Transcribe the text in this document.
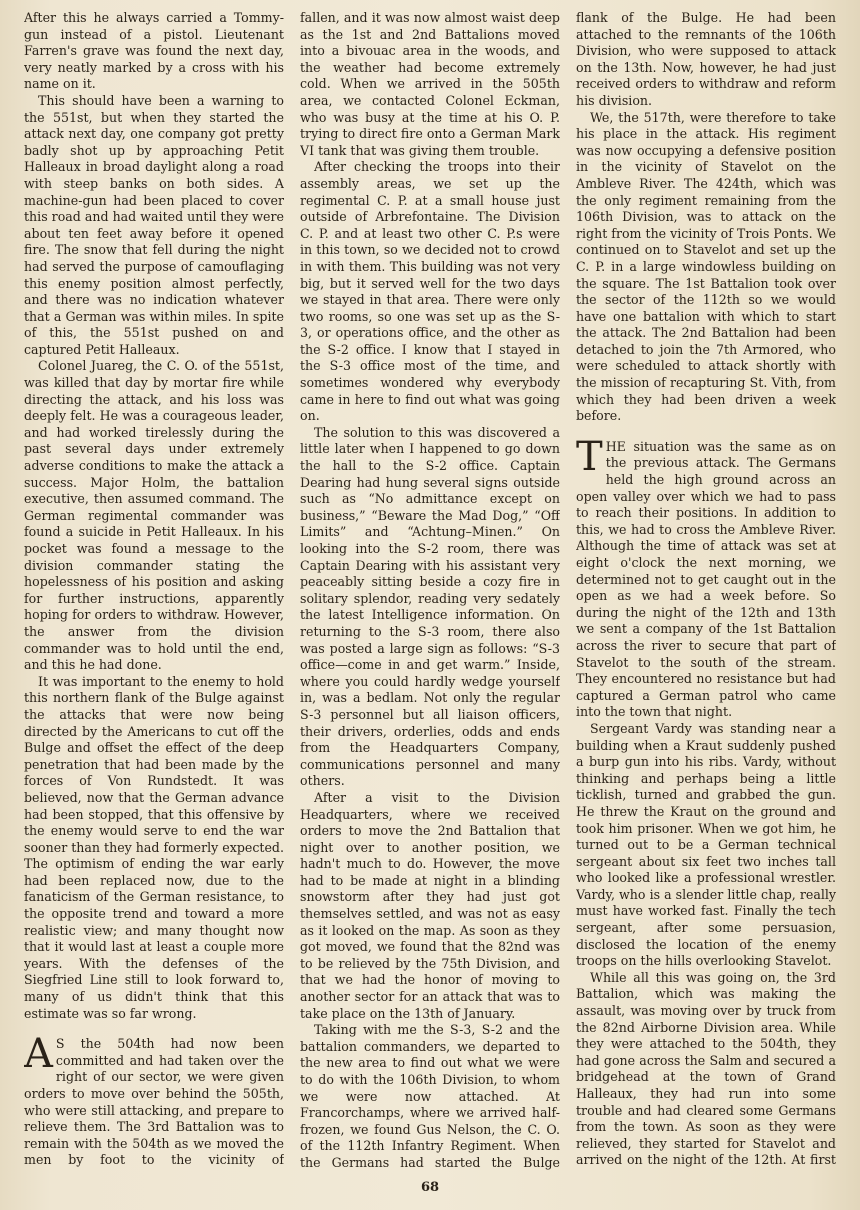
After this he always carried a Tommy-gun instead of a pistol. Lieutenant Farren's grave was found the next day, very neatly marked by a cross with his name on it.

This should have been a warning to the 551st, but when they started the attack next day, one company got pretty badly shot up by approaching Petit Halleaux in broad daylight along a road with steep banks on both sides. A machine-gun had been placed to cover this road and had waited until they were about ten feet away before it opened fire. The snow that fell during the night had served the purpose of camouflaging this enemy position almost perfectly, and there was no indication whatever that a German was within miles. In spite of this, the 551st pushed on and captured Petit Halleaux.

Colonel Juareg, the C. O. of the 551st, was killed that day by mortar fire while directing the attack, and his loss was deeply felt. He was a courageous leader, and had worked tirelessly during the past several days under extremely adverse conditions to make the attack a success. Major Holm, the battalion executive, then assumed command. The German regimental commander was found a suicide in Petit Halleaux. In his pocket was found a message to the division commander stating the hopelessness of his position and asking for further instructions, apparently hoping for orders to withdraw. However, the answer from the division commander was to hold until the end, and this he had done.

It was important to the enemy to hold this northern flank of the Bulge against the attacks that were now being directed by the Americans to cut off the Bulge and offset the effect of the deep penetration that had been made by the forces of Von Rundstedt. It was believed, now that the German advance had been stopped, that this offensive by the enemy would serve to end the war sooner than they had formerly expected. The optimism of ending the war early had been replaced now, due to the fanaticism of the German resistance, to the opposite trend and toward a more realistic view; and many thought now that it would last at least a couple more years. With the defenses of the Siegfried Line still to look forward to, many of us didn't think that this estimate was so far wrong.

A S the 504th had now been committed and had taken over the right of our sector, we were given orders to move over behind the 505th, who were still attacking, and prepare to relieve them. The 3rd Battalion was to remain with the 504th as we moved the men by foot to the vicinity of

fallen, and it was now almost waist deep as the 1st and 2nd Battalions moved into a bivouac area in the woods, and the weather had become extremely cold. When we arrived in the 505th area, we contacted Colonel Eckman, who was busy at the time at his O. P. trying to direct fire onto a German Mark VI tank that was giving them trouble.

After checking the troops into their assembly areas, we set up the regimental C. P. at a small house just outside of Arbrefontaine. The Division C. P. and at least two other C. P.s were in this town, so we decided not to crowd in with them. This building was not very big, but it served well for the two days we stayed in that area. There were only two rooms, so one was set up as the S-3, or operations office, and the other as the S-2 office. I know that I stayed in the S-3 office most of the time, and sometimes wondered why everybody came in here to find out what was going on.

The solution to this was discovered a little later when I happened to go down the hall to the S-2 office. Captain Dearing had hung several signs outside such as “No admittance except on business,” “Beware the Mad Dog,” “Off Limits” and “Achtung–Minen.” On looking into the S-2 room, there was Captain Dearing with his assistant very peaceably sitting beside a cozy fire in solitary splendor, reading very sedately the latest Intelligence information. On returning to the S-3 room, there also was posted a large sign as follows: “S-3 office—come in and get warm.” Inside, where you could hardly wedge yourself in, was a bedlam. Not only the regular S-3 personnel but all liaison officers, their drivers, orderlies, odds and ends from the Headquarters Company, communications personnel and many others.

After a visit to the Division Headquarters, where we received orders to move the 2nd Battalion that night over to another position, we hadn't much to do. However, the move had to be made at night in a blinding snowstorm after they had just got themselves settled, and was not as easy as it looked on the map. As soon as they got moved, we found that the 82nd was to be relieved by the 75th Division, and that we had the honor of moving to another sector for an attack that was to take place on the 13th of January.

Taking with me the S-3, S-2 and the battalion commanders, we departed to the new area to find out what we were to do with the 106th Division, to whom we were now attached. At Francorchamps, where we arrived half-frozen, we found Gus Nelson, the C. O. of the 112th Infantry Regiment. When the Germans had started the Bulge

flank of the Bulge. He had been attached to the remnants of the 106th Division, who were supposed to attack on the 13th. Now, however, he had just received orders to withdraw and reform his division.

We, the 517th, were therefore to take his place in the attack. His regiment was now occupying a defensive position in the vicinity of Stavelot on the Ambleve River. The 424th, which was the only regiment remaining from the 106th Division, was to attack on the right from the vicinity of Trois Ponts. We continued on to Stavelot and set up the C. P. in a large windowless building on the square. The 1st Battalion took over the sector of the 112th so we would have one battalion with which to start the attack. The 2nd Battalion had been detached to join the 7th Armored, who were scheduled to attack shortly with the mission of recapturing St. Vith, from which they had been driven a week before.

THE situation was the same as on the previous attack. The Germans held the high ground across an open valley over which we had to pass to reach their positions. In addition to this, we had to cross the Ambleve River. Although the time of attack was set at eight o'clock the next morning, we determined not to get caught out in the open as we had a week before. So during the night of the 12th and 13th we sent a company of the 1st Battalion across the river to secure that part of Stavelot to the south of the stream. They encountered no resistance but had captured a German patrol who came into the town that night.

Sergeant Vardy was standing near a building when a Kraut suddenly pushed a burp gun into his ribs. Vardy, without thinking and perhaps being a little ticklish, turned and grabbed the gun. He threw the Kraut on the ground and took him prisoner. When we got him, he turned out to be a German technical sergeant about six feet two inches tall who looked like a professional wrestler. Vardy, who is a slender little chap, really must have worked fast. Finally the tech sergeant, after some persuasion, disclosed the location of the enemy troops on the hills overlooking Stavelot.

While all this was going on, the 3rd Battalion, which was making the assault, was moving over by truck from the 82nd Airborne Division area. While they were attached to the 504th, they had gone across the Salm and secured a bridgehead at the town of Grand Halleaux, they had run into some trouble and had cleared some Germans from the town. As soon as they were relieved, they started for Stavelot and arrived on the night of the 12th. At first

68
